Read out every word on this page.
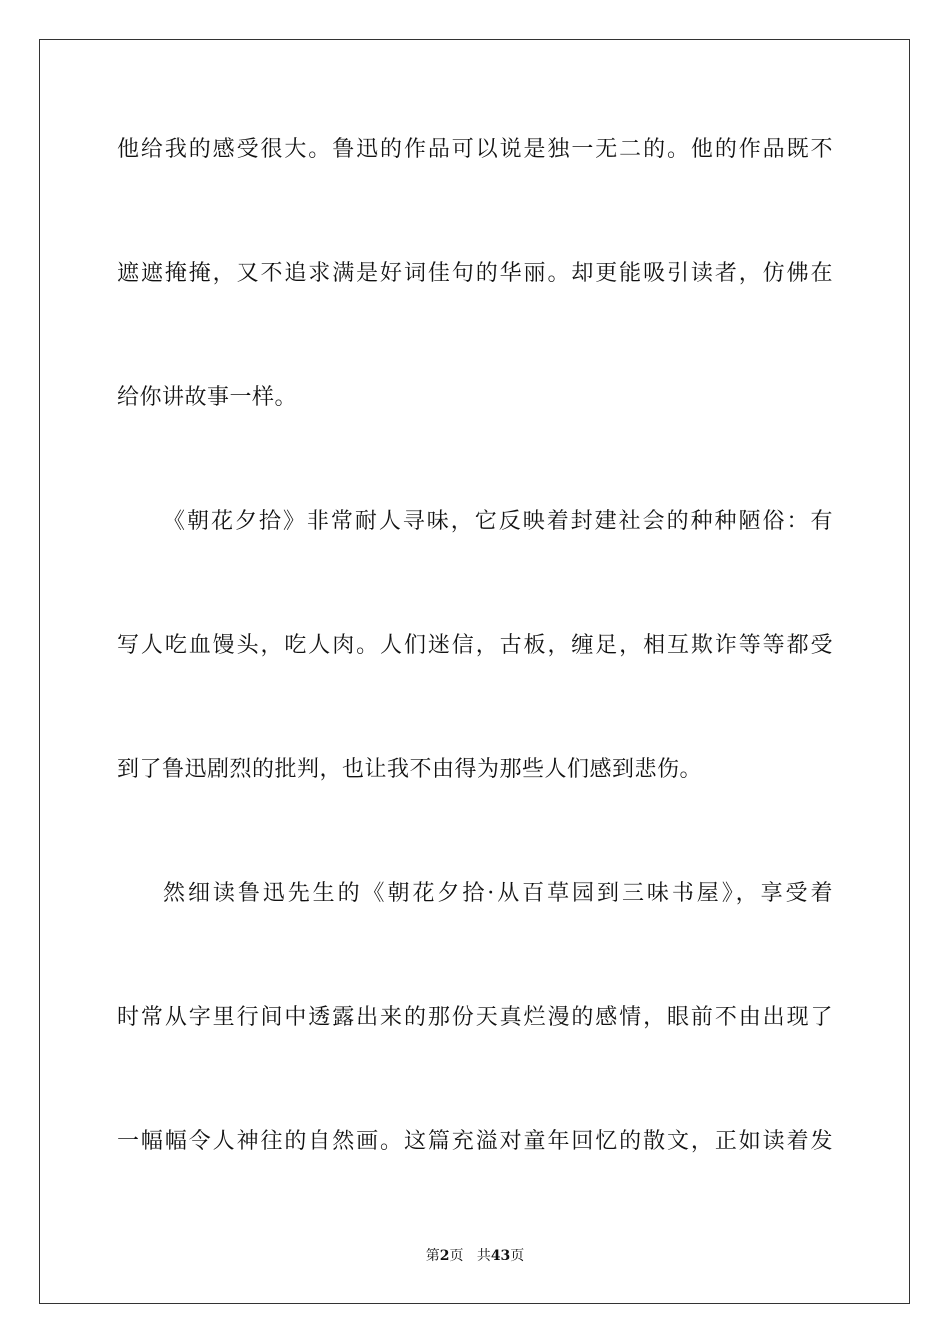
他给我的感受很大。鲁迅的作品可以说是独一无二的。他的作品既不
遮遮掩掩，又不追求满是好词佳句的华丽。却更能吸引读者，仿佛在
给你讲故事一样。
《朝花夕拾》非常耐人寻味，它反映着封建社会的种种陋俗：有
写人吃血馒头，吃人肉。人们迷信，古板，缠足，相互欺诈等等都受
到了鲁迅剧烈的批判，也让我不由得为那些人们感到悲伤。
然细读鲁迅先生的《朝花夕拾·从百草园到三味书屋》，享受着
时常从字里行间中透露出来的那份天真烂漫的感情，眼前不由出现了
一幅幅令人神往的自然画。这篇充溢对童年回忆的散文，正如读着发
第2页 共43页
